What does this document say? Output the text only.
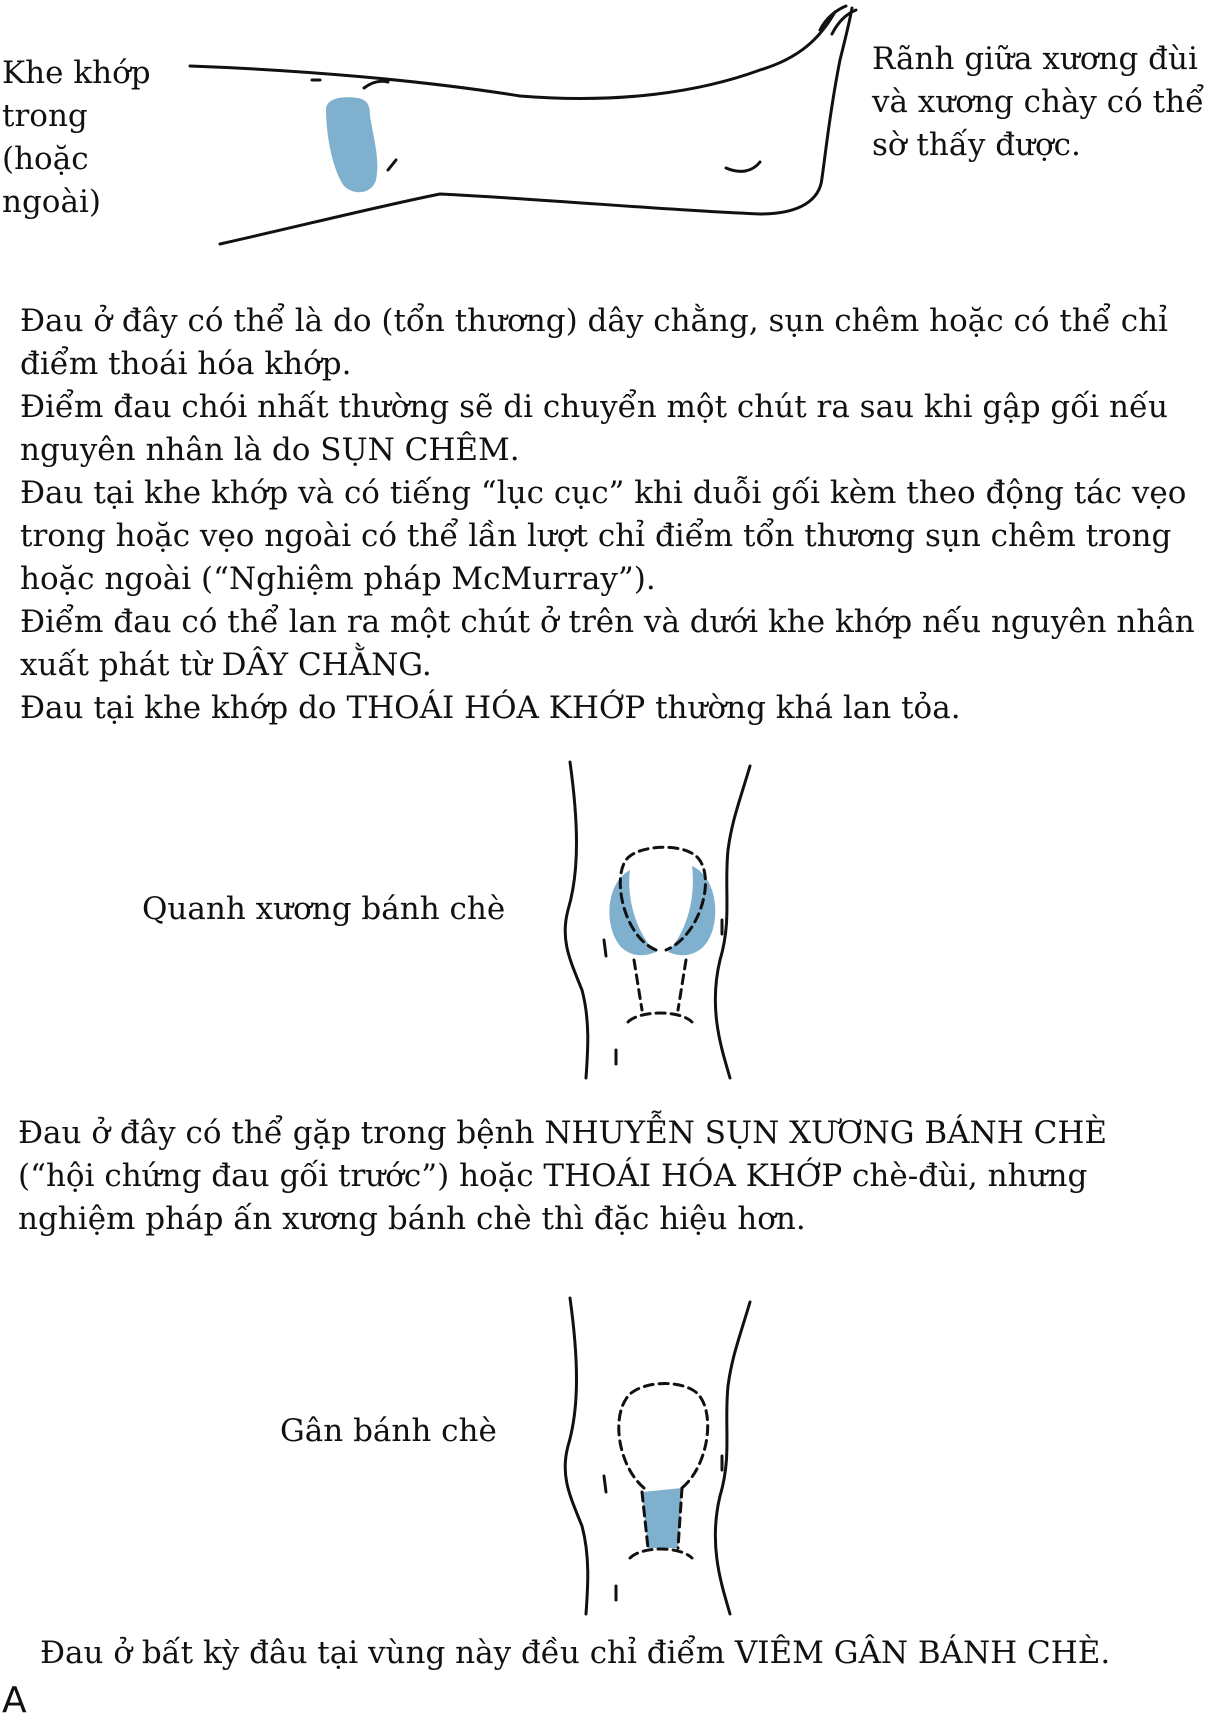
Khe khớp
trong
(hoặc
ngoài)
Rãnh giữa xương đùi
và xương chày có thể
sờ thấy được.

Đau ở đây có thể là do (tổn thương) dây chằng, sụn chêm hoặc có thể chỉ điểm thoái hóa khớp.

Điểm đau chói nhất thường sẽ di chuyển một chút ra sau khi gập gối nếu nguyên nhân là do SỤN CHÊM.

Đau tại khe khớp và có tiếng “lục cục” khi duỗi gối kèm theo động tác vẹo trong hoặc vẹo ngoài có thể lần lượt chỉ điểm tổn thương sụn chêm trong hoặc ngoài (“Nghiệm pháp McMurray”).

Điểm đau có thể lan ra một chút ở trên và dưới khe khớp nếu nguyên nhân xuất phát từ DÂY CHẰNG.

Đau tại khe khớp do THOÁI HÓA KHỚP thường khá lan tỏa.

Quanh xương bánh chè

Đau ở đây có thể gặp trong bệnh NHUYỄN SỤN XƯƠNG BÁNH CHÈ (“hội chứng đau gối trước”) hoặc THOÁI HÓA KHỚP chè-đùi, nhưng nghiệm pháp ấn xương bánh chè thì đặc hiệu hơn.

Gân bánh chè

Đau ở bất kỳ đâu tại vùng này đều chỉ điểm VIÊM GÂN BÁNH CHÈ.

A
